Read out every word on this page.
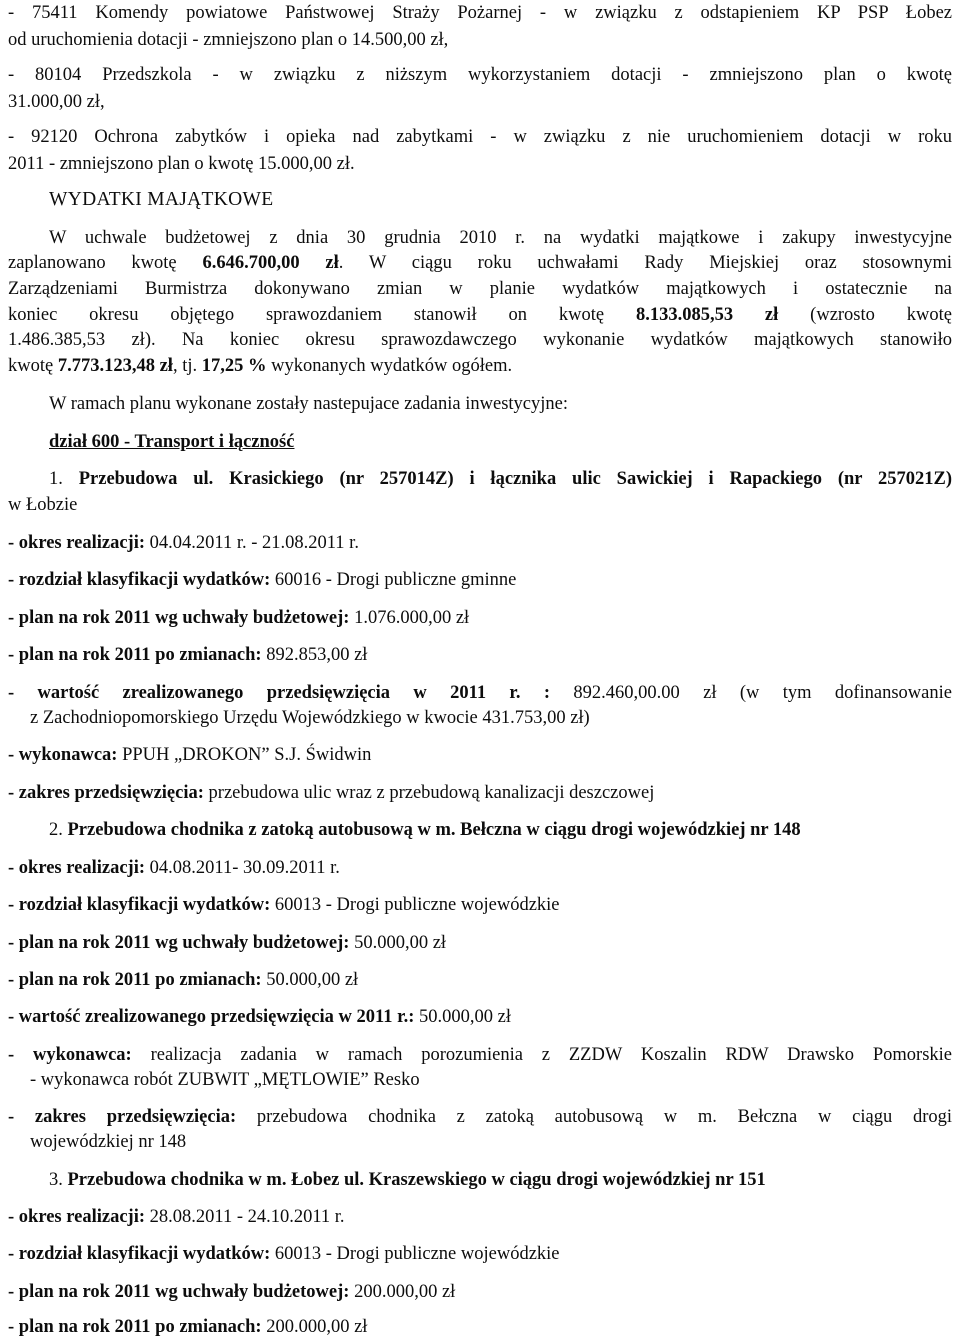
- 75411 Komendy powiatowe Państwowej Straży Pożarnej - w związku z odstapieniem KP PSP Łobez
od uruchomienia dotacji - zmniejszono plan o 14.500,00 zł,
- 80104 Przedszkola - w związku z niższym wykorzystaniem dotacji - zmniejszono plan o kwotę
31.000,00 zł,
- 92120 Ochrona zabytków i opieka nad zabytkami - w związku z nie uruchomieniem dotacji w roku
2011 - zmniejszono plan o kwotę 15.000,00 zł.
WYDATKI MAJĄTKOWE
W uchwale budżetowej z dnia 30 grudnia 2010 r. na wydatki majątkowe i zakupy inwestycyjne
zaplanowano kwotę 6.646.700,00 zł. W ciągu roku uchwałami Rady Miejskiej oraz stosownymi
Zarządzeniami Burmistrza dokonywano zmian w planie wydatków majątkowych i ostatecznie na
koniec okresu objętego sprawozdaniem stanowił on kwotę 8.133.085,53 zł (wzrosto kwotę
1.486.385,53 zł). Na koniec okresu sprawozdawczego wykonanie wydatków majątkowych stanowiło
kwotę 7.773.123,48 zł, tj. 17,25 % wykonanych wydatków ogółem.
W ramach planu wykonane zostały nastepujace zadania inwestycyjne:
dział 600 - Transport i łączność
1. Przebudowa ul. Krasickiego (nr 257014Z) i łącznika ulic Sawickiej i Rapackiego (nr 257021Z)
w Łobzie
- okres realizacji: 04.04.2011 r. - 21.08.2011 r.
- rozdział klasyfikacji wydatków: 60016 - Drogi publiczne gminne
- plan na rok 2011 wg uchwały budżetowej: 1.076.000,00 zł
- plan na rok 2011 po zmianach: 892.853,00 zł
- wartość zrealizowanego przedsięwzięcia w 2011 r. : 892.460,00.00 zł (w tym dofinansowanie
z Zachodniopomorskiego Urzędu Wojewódzkiego w kwocie 431.753,00 zł)
- wykonawca: PPUH „DROKON” S.J. Świdwin
- zakres przedsięwzięcia: przebudowa ulic wraz z przebudową kanalizacji deszczowej
2. Przebudowa chodnika z zatoką autobusową w m. Bełczna w ciągu drogi wojewódzkiej nr 148
- okres realizacji: 04.08.2011- 30.09.2011 r.
- rozdział klasyfikacji wydatków: 60013 - Drogi publiczne wojewódzkie
- plan na rok 2011 wg uchwały budżetowej: 50.000,00 zł
- plan na rok 2011 po zmianach: 50.000,00 zł
- wartość zrealizowanego przedsięwzięcia w 2011 r.: 50.000,00 zł
- wykonawca: realizacja zadania w ramach porozumienia z ZZDW Koszalin RDW Drawsko Pomorskie
- wykonawca robót ZUBWIT „MĘTLOWIE” Resko
- zakres przedsięwzięcia: przebudowa chodnika z zatoką autobusową w m. Bełczna w ciągu drogi
wojewódzkiej nr 148
3. Przebudowa chodnika w m. Łobez ul. Kraszewskiego w ciągu drogi wojewódzkiej nr 151
- okres realizacji: 28.08.2011 - 24.10.2011 r.
- rozdział klasyfikacji wydatków: 60013 - Drogi publiczne wojewódzkie
- plan na rok 2011 wg uchwały budżetowej: 200.000,00 zł
- plan na rok 2011 po zmianach: 200.000,00 zł
